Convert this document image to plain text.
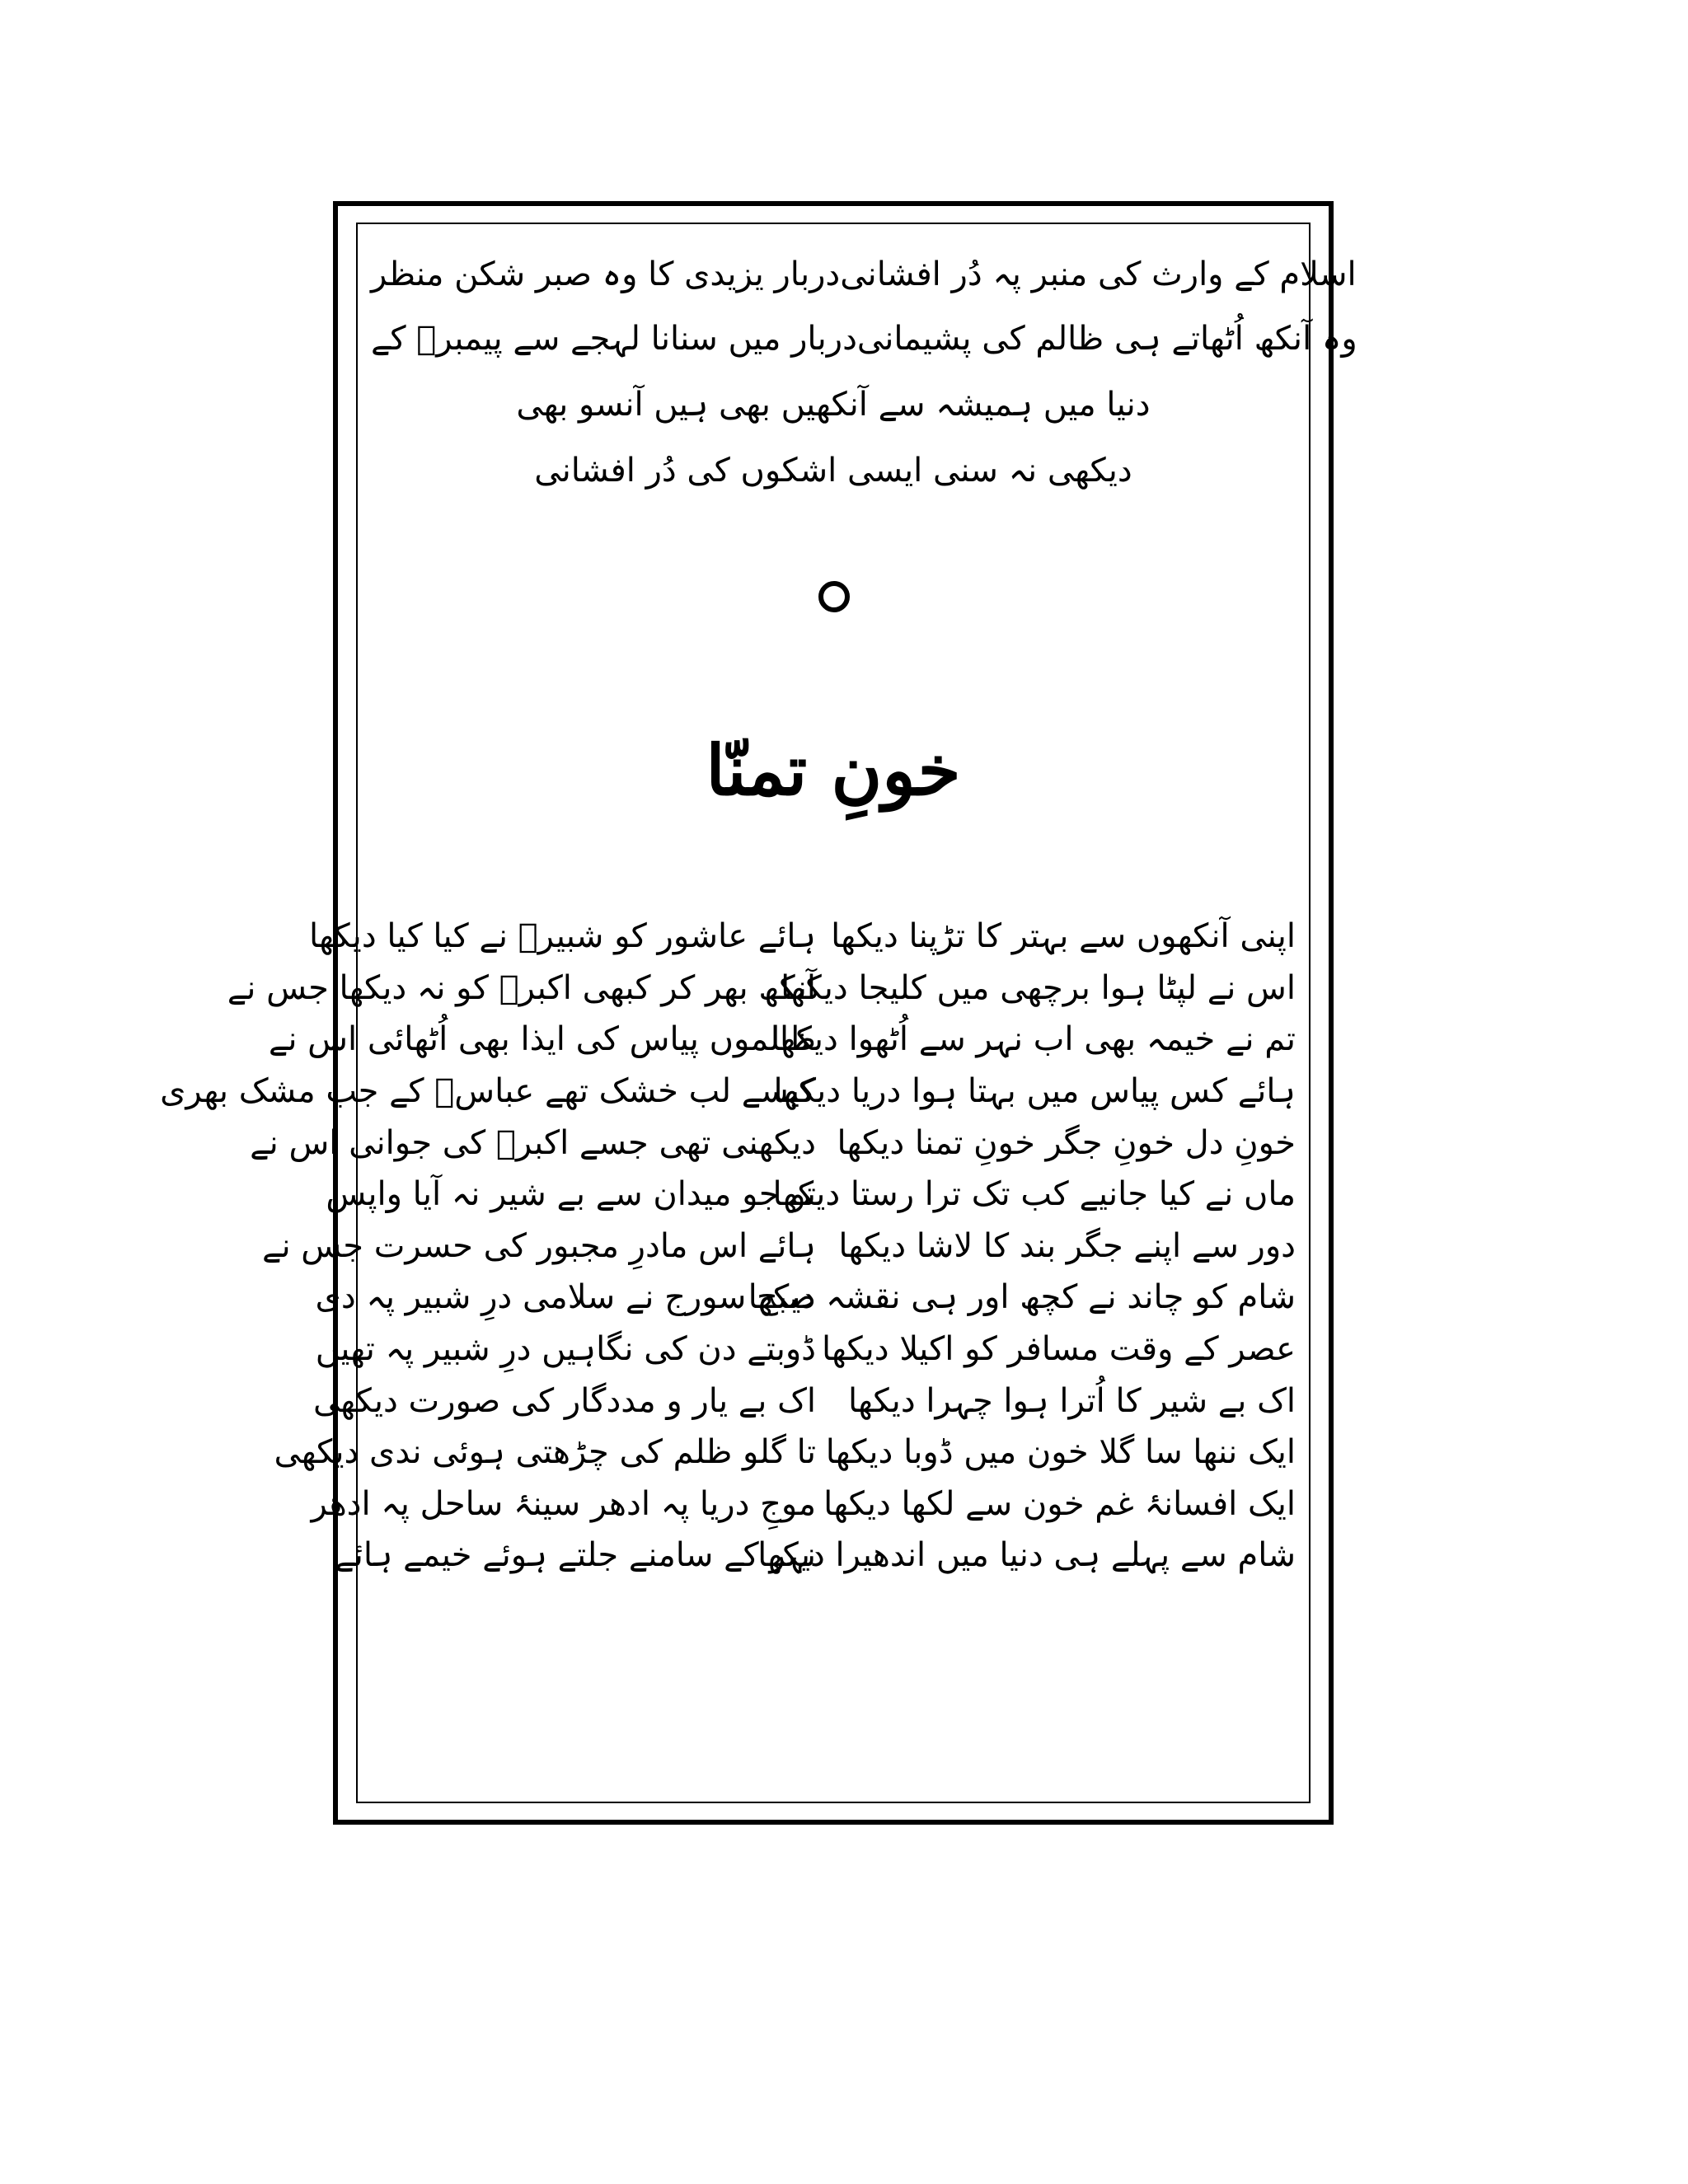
دربار یزیدی کا وہ صبر شکن منظر اسلام کے وارث کی منبر پہ دُر افشانی
دربار میں سنانا لہجے سے پیمبرؐ کے وہ آنکھ اُٹھاتے ہی ظالم کی پشیمانی
دنیا میں ہمیشہ سے آنکھیں بھی ہیں آنسو بھی
دیکھی نہ سنی ایسی اشکوں کی دُر افشانی
خونِ تمنّا
ہائے عاشور کو شبیرؑ نے کیا کیا دیکھا اپنی آنکھوں سے بہتر کا تڑپنا دیکھا
آنکھ بھر کر کبھی اکبرؑ کو نہ دیکھا جس نے
اس نے لپٹا ہوا برچھی میں کلیجا دیکھا
ظالموں پیاس کی ایذا بھی اُٹھائی اس نے
تم نے خیمہ بھی اب نہر سے اُٹھوا دیکھا
کیسے لب خشک تھے عباسؑ کے جب مشک بھری
ہائے کس پیاس میں بہتا ہوا دریا دیکھا
دیکھنی تھی جسے اکبرؑ کی جوانی اس نے خونِ دل خونِ جگر خونِ تمنا دیکھا
تو جو میدان سے بے شیر نہ آیا واپس
ماں نے کیا جانیے کب تک ترا رستا دیکھا
ہائے اس مادرِ مجبور کی حسرت جس نے دور سے اپنے جگر بند کا لاشا دیکھا
صبح سورج نے سلامی درِ شبیر پہ دی
شام کو چاند نے کچھ اور ہی نقشہ دیکھا
ڈوبتے دن کی نگاہیں درِ شبیر پہ تھیں عصر کے وقت مسافر کو اکیلا دیکھا
اک بے یار و مددگار کی صورت دیکھی اک بے شیر کا اُترا ہوا چہرا دیکھا
تا گلو ظلم کی چڑھتی ہوئی ندی دیکھی ایک ننھا سا گلا خون میں ڈوبا دیکھا
موجِ دریا پہ ادھر سینۂ ساحل پہ ادھر ایک افسانۂ غم خون سے لکھا دیکھا
نہر کے سامنے جلتے ہوئے خیمے ہائے
شام سے پہلے ہی دنیا میں اندھیرا دیکھا
